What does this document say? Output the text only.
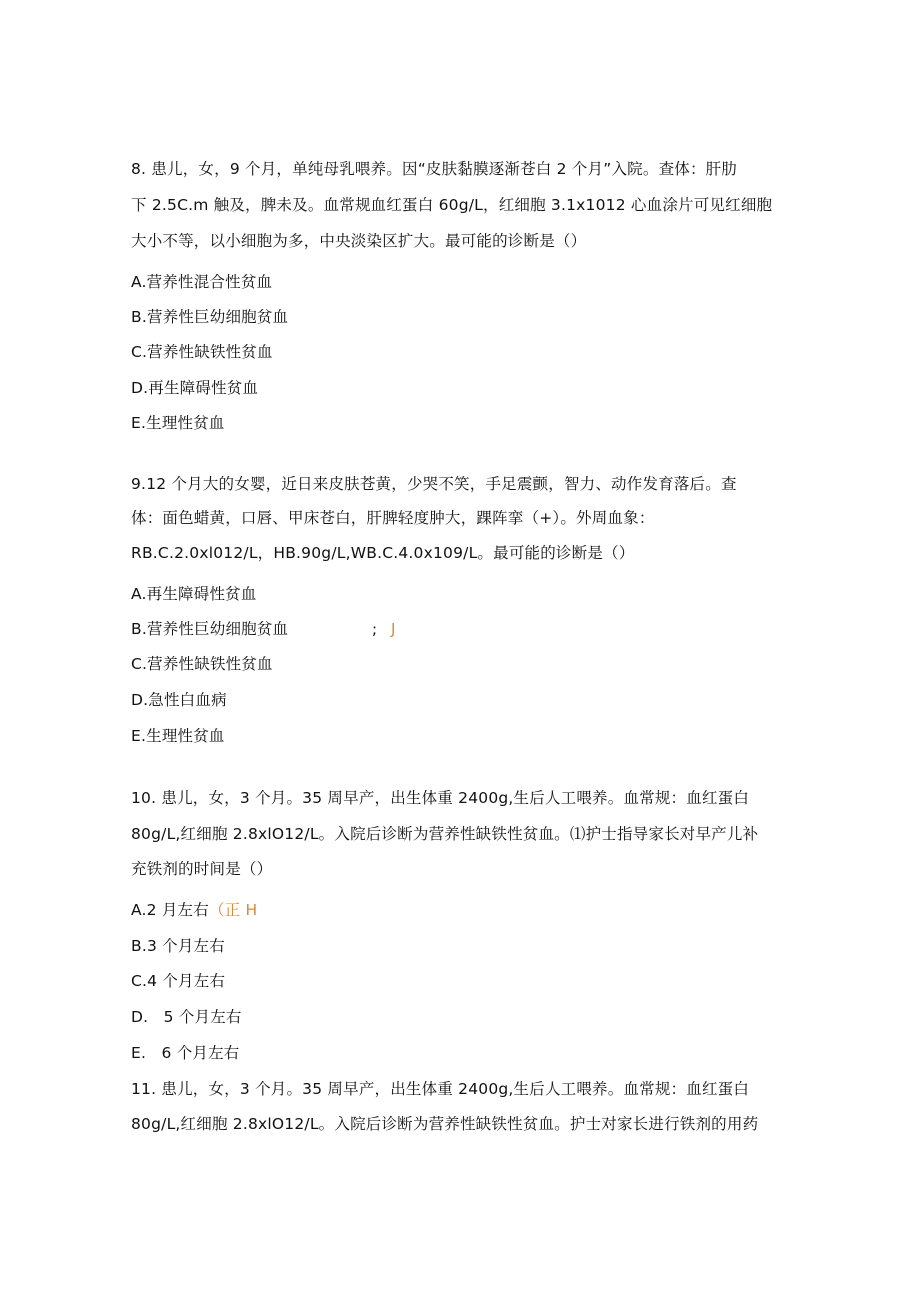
8. 患儿，女，9 个月，单纯母乳喂养。因“皮肤黏膜逐渐苍白 2 个月”入院。查体：肝肋
下 2.5C.m 触及，脾未及。血常规血红蛋白 60g/L，红细胞 3.1x1012 心血涂片可见红细胞
大小不等，以小细胞为多，中央淡染区扩大。最可能的诊断是（）
A.营养性混合性贫血
B.营养性巨幼细胞贫血
C.营养性缺铁性贫血
D.再生障碍性贫血
E.生理性贫血
9.12 个月大的女婴，近日来皮肤苍黄，少哭不笑，手足震颤，智力、动作发育落后。查
体：面色蜡黄，口唇、甲床苍白，肝脾轻度肿大，踝阵挛（+）。外周血象：
RB.C.2.0xl012/L，HB.90g/L,WB.C.4.0x109/L。最可能的诊断是（）
A.再生障碍性贫血
B.营养性巨幼细胞贫血	; J
C.营养性缺铁性贫血
D.急性白血病
E.生理性贫血
10. 患儿，女，3 个月。35 周早产，出生体重 2400g,生后人工喂养。血常规：血红蛋白
80g/L,红细胞 2.8xlO12/L。入院后诊断为营养性缺铁性贫血。⑴护士指导家长对早产儿补
充铁剂的时间是（）
A.2 月左右（正 H
B.3 个月左右
C.4 个月左右
D.   5 个月左右
E.   6 个月左右
11. 患儿，女，3 个月。35 周早产，出生体重 2400g,生后人工喂养。血常规：血红蛋白
80g/L,红细胞 2.8xlO12/L。入院后诊断为营养性缺铁性贫血。护士对家长进行铁剂的用药
